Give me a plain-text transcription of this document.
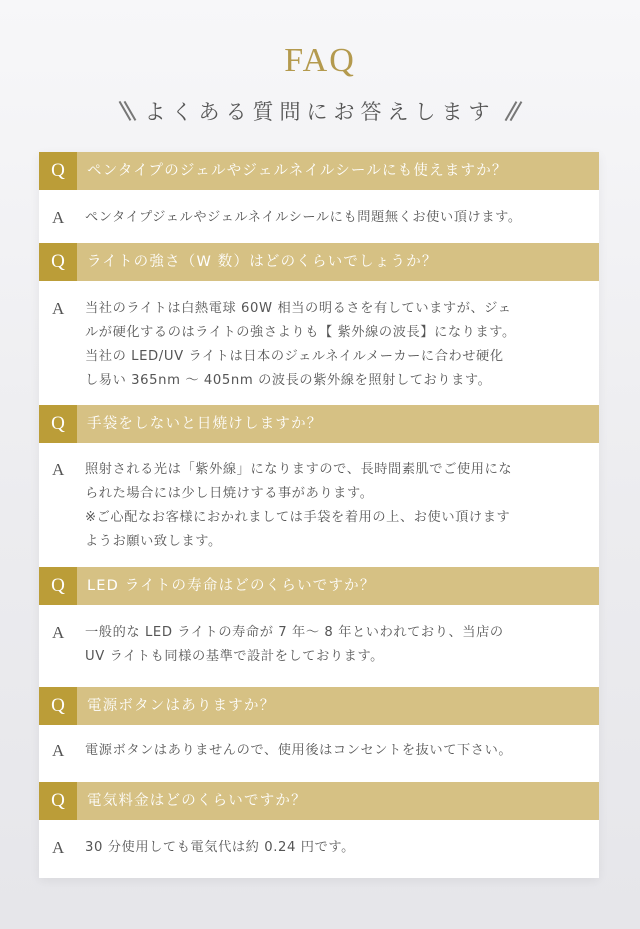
FAQ
よくある質問にお答えします
Q	ペンタイプのジェルやジェルネイルシールにも使えますか？
A	ペンタイプジェルやジェルネイルシールにも問題無くお使い頂けます。
Q	ライトの強さ（W 数）はどのくらいでしょうか？
A	当社のライトは白熱電球 60W 相当の明るさを有していますが、ジェ
ルが硬化するのはライトの強さよりも【 紫外線の波長】になります。
当社の LED/UV ライトは日本のジェルネイルメーカーに合わせ硬化
し易い 365nm 〜 405nm の波長の紫外線を照射しております。
Q	手袋をしないと日焼けしますか？
A	照射される光は「紫外線」になりますので、長時間素肌でご使用にな
られた場合には少し日焼けする事があります。
※ご心配なお客様におかれましては手袋を着用の上、お使い頂けます
ようお願い致します。
Q	LED ライトの寿命はどのくらいですか？
A	一般的な LED ライトの寿命が 7 年〜 8 年といわれており、当店の
UV ライトも同様の基準で設計をしております。
Q	電源ボタンはありますか？
A	電源ボタンはありませんので、使用後はコンセントを抜いて下さい。
Q	電気料金はどのくらいですか？
A	30 分使用しても電気代は約 0.24 円です。
